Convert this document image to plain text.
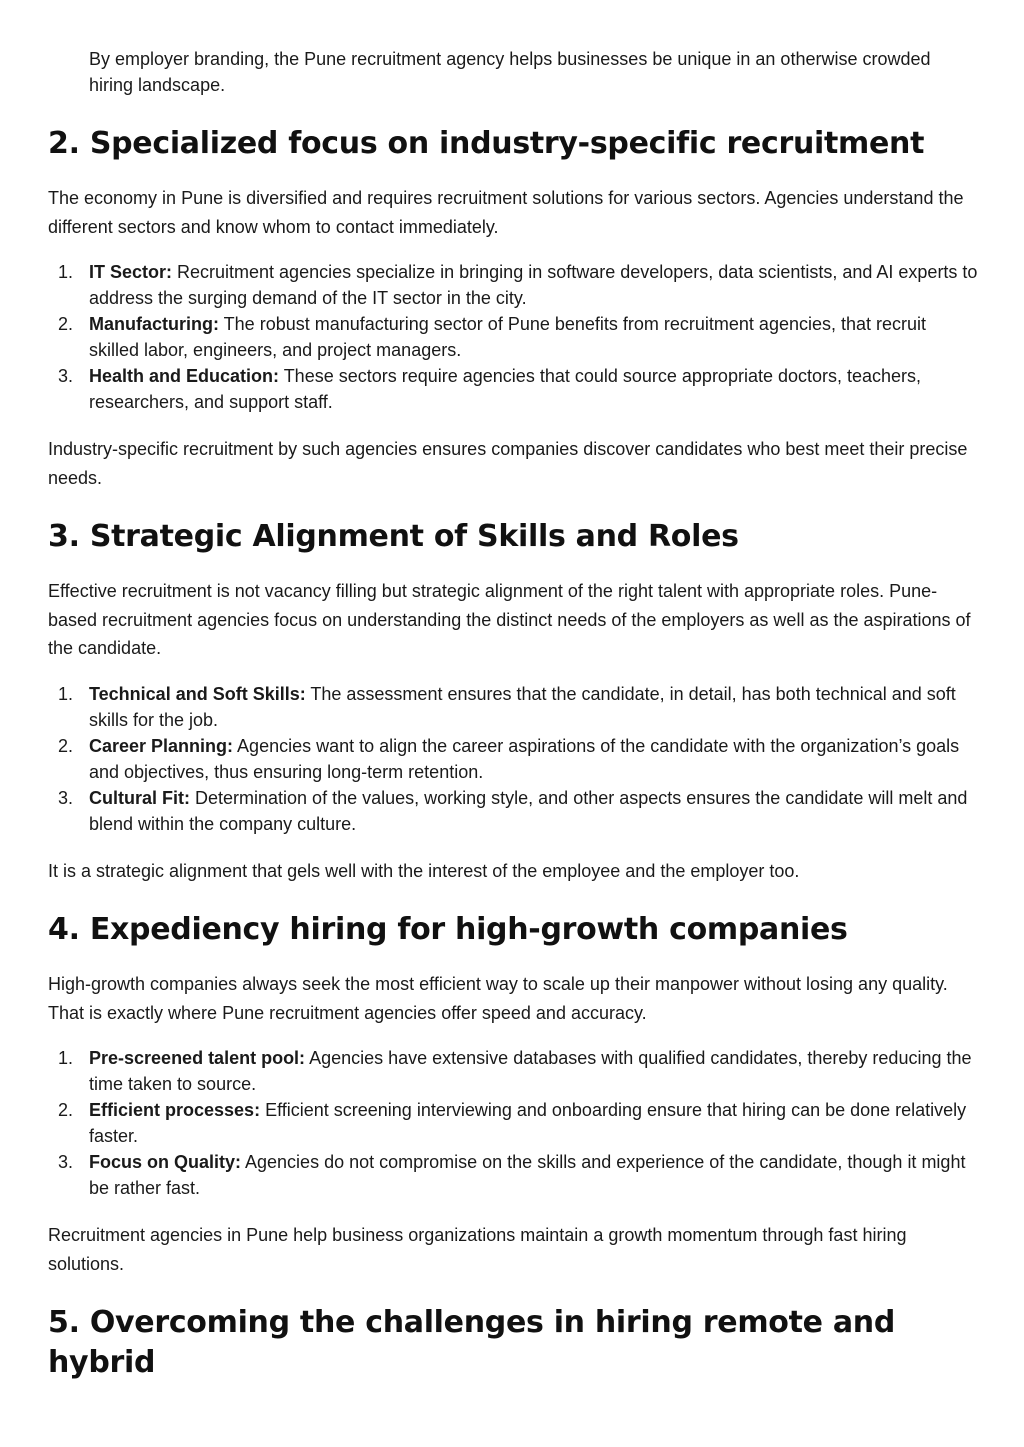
By employer branding, the Pune recruitment agency helps businesses be unique in an otherwise crowded hiring landscape.

2. Specialized focus on industry-specific recruitment

The economy in Pune is diversified and requires recruitment solutions for various sectors. Agencies understand the different sectors and know whom to contact immediately.

1. IT Sector: Recruitment agencies specialize in bringing in software developers, data scientists, and AI experts to address the surging demand of the IT sector in the city.
2. Manufacturing: The robust manufacturing sector of Pune benefits from recruitment agencies, that recruit skilled labor, engineers, and project managers.
3. Health and Education: These sectors require agencies that could source appropriate doctors, teachers, researchers, and support staff.

Industry-specific recruitment by such agencies ensures companies discover candidates who best meet their precise needs.

3. Strategic Alignment of Skills and Roles

Effective recruitment is not vacancy filling but strategic alignment of the right talent with appropriate roles. Pune-based recruitment agencies focus on understanding the distinct needs of the employers as well as the aspirations of the candidate.

1. Technical and Soft Skills: The assessment ensures that the candidate, in detail, has both technical and soft skills for the job.
2. Career Planning: Agencies want to align the career aspirations of the candidate with the organization’s goals and objectives, thus ensuring long-term retention.
3. Cultural Fit: Determination of the values, working style, and other aspects ensures the candidate will melt and blend within the company culture.

It is a strategic alignment that gels well with the interest of the employee and the employer too.

4. Expediency hiring for high-growth companies

High-growth companies always seek the most efficient way to scale up their manpower without losing any quality. That is exactly where Pune recruitment agencies offer speed and accuracy.

1. Pre-screened talent pool: Agencies have extensive databases with qualified candidates, thereby reducing the time taken to source.
2. Efficient processes: Efficient screening interviewing and onboarding ensure that hiring can be done relatively faster.
3. Focus on Quality: Agencies do not compromise on the skills and experience of the candidate, though it might be rather fast.

Recruitment agencies in Pune help business organizations maintain a growth momentum through fast hiring solutions.

5. Overcoming the challenges in hiring remote and hybrid
